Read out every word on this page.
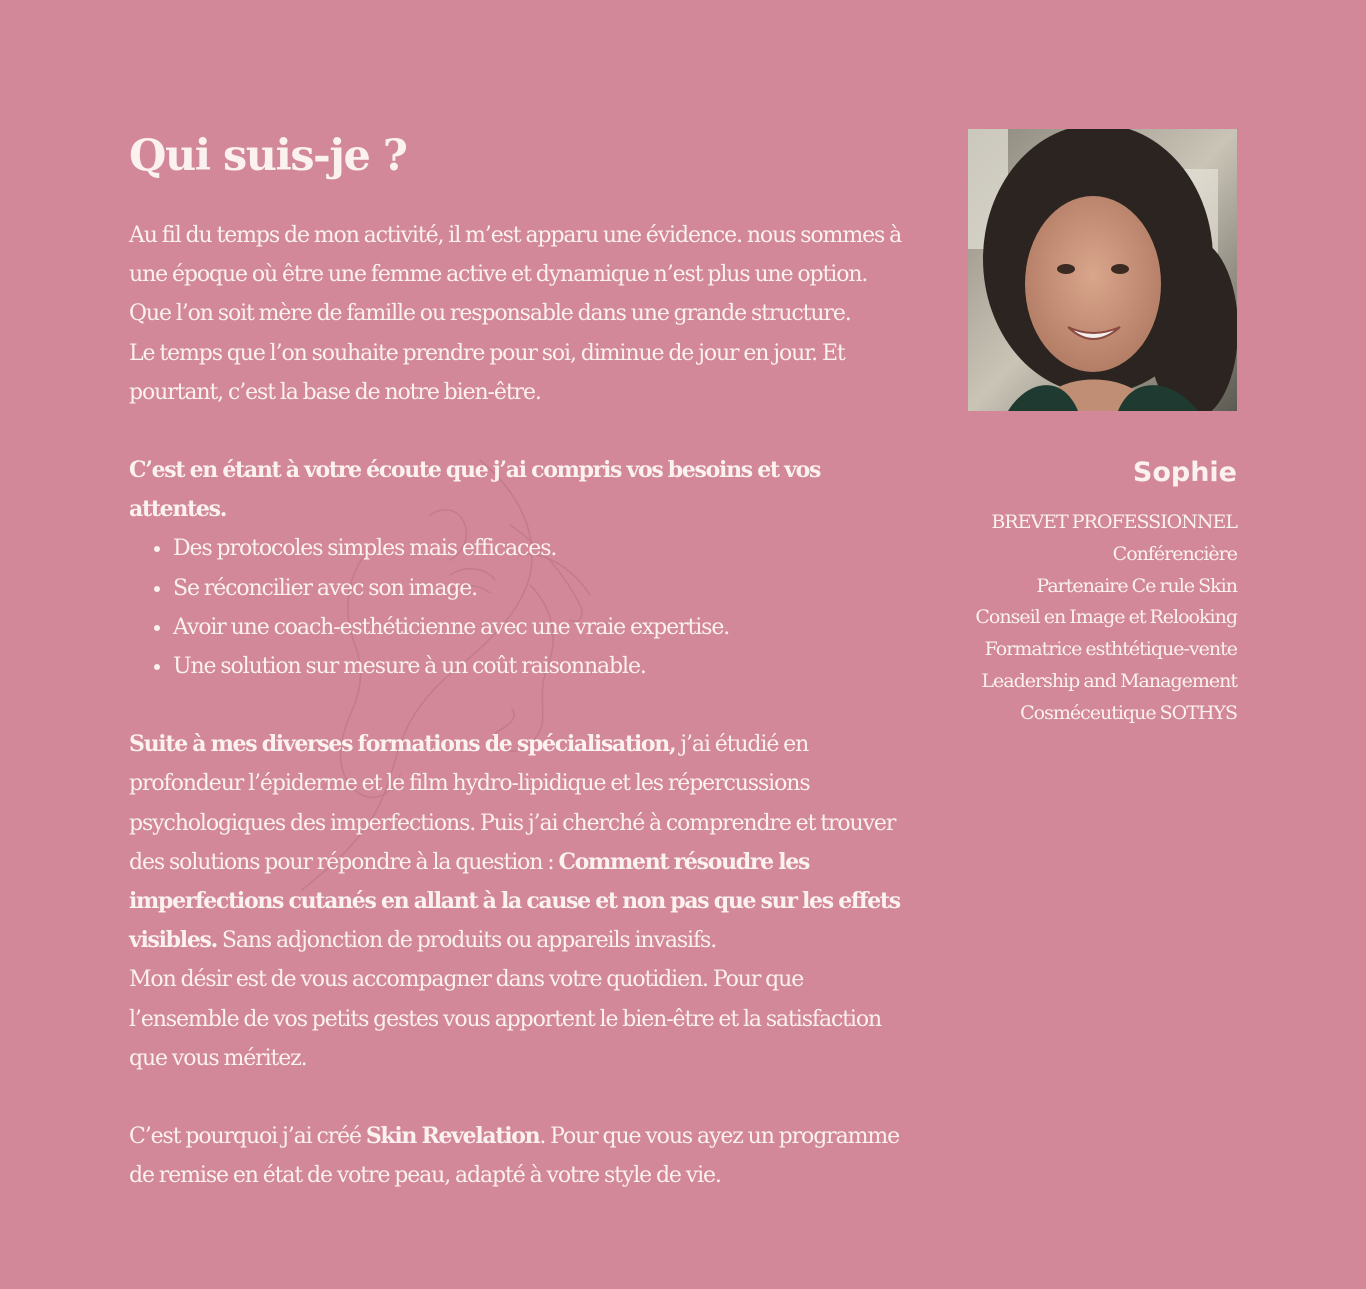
Qui suis-je ?

Au fil du temps de mon activité, il m’est apparu une évidence. nous sommes à une époque où être une femme active et dynamique n’est plus une option. Que l’on soit mère de famille ou responsable dans une grande structure.

Le temps que l’on souhaite prendre pour soi, diminue de jour en jour. Et pourtant, c’est la base de notre bien-être.

C’est en étant à votre écoute que j’ai compris vos besoins et vos attentes.

• Des protocoles simples mais efficaces.
• Se réconcilier avec son image.
• Avoir une coach-esthéticienne avec une vraie expertise.
• Une solution sur mesure à un coût raisonnable.

Suite à mes diverses formations de spécialisation, j’ai étudié en profondeur l’épiderme et le film hydro-lipidique et les répercussions psychologiques des imperfections. Puis j’ai cherché à comprendre et trouver des solutions pour répondre à la question : Comment résoudre les imperfections cutanés en allant à la cause et non pas que sur les effets visibles. Sans adjonction de produits ou appareils invasifs.

Mon désir est de vous accompagner dans votre quotidien. Pour que l’ensemble de vos petits gestes vous apportent le bien-être et la satisfaction que vous méritez.

C’est pourquoi j’ai créé Skin Revelation. Pour que vous ayez un programme de remise en état de votre peau, adapté à votre style de vie.

Sophie
BREVET PROFESSIONNEL
Conférencière
Partenaire Ce rule Skin
Conseil en Image et Relooking
Formatrice esthtétique-vente
Leadership and Management
Cosméceutique SOTHYS
